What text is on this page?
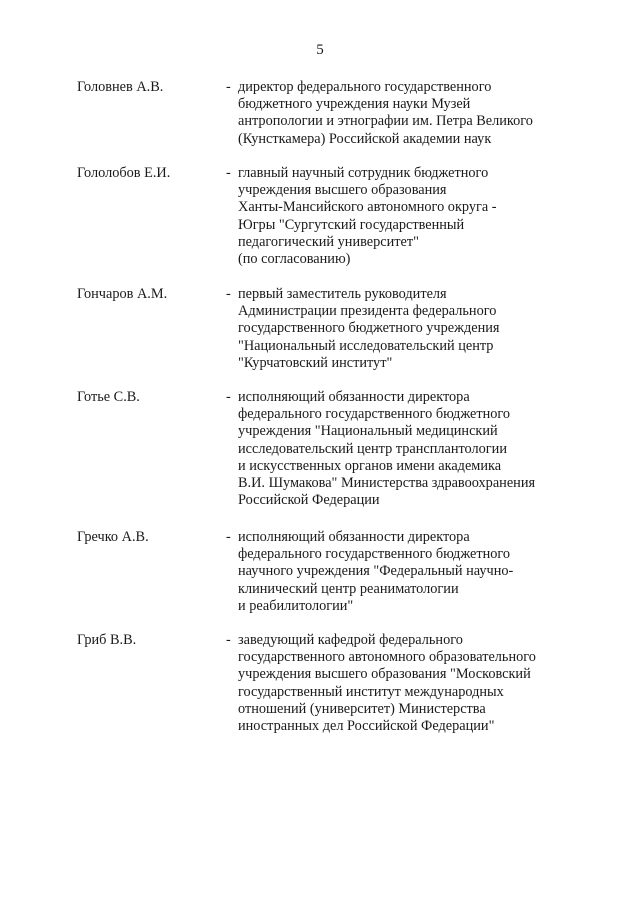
5
Головнев А.В.	- директор федерального государственного
бюджетного учреждения науки Музей
антропологии и этнографии им. Петра Великого
(Кунсткамера) Российской академии наук
Гололобов Е.И.	- главный научный сотрудник бюджетного
учреждения высшего образования
Ханты-Мансийского автономного округа -
Югры "Сургутский государственный
педагогический университет"
(по согласованию)
Гончаров А.М.	- первый заместитель руководителя
Администрации президента федерального
государственного бюджетного учреждения
"Национальный исследовательский центр
"Курчатовский институт"
Готье С.В.	- исполняющий обязанности директора
федерального государственного бюджетного
учреждения "Национальный медицинский
исследовательский центр трансплантологии
и искусственных органов имени академика
В.И. Шумакова" Министерства здравоохранения
Российской Федерации
Гречко А.В.	- исполняющий обязанности директора
федерального государственного бюджетного
научного учреждения "Федеральный научно-
клинический центр реаниматологии
и реабилитологии"
Гриб В.В.	- заведующий кафедрой федерального
государственного автономного образовательного
учреждения высшего образования "Московский
государственный институт международных
отношений (университет) Министерства
иностранных дел Российской Федерации"
